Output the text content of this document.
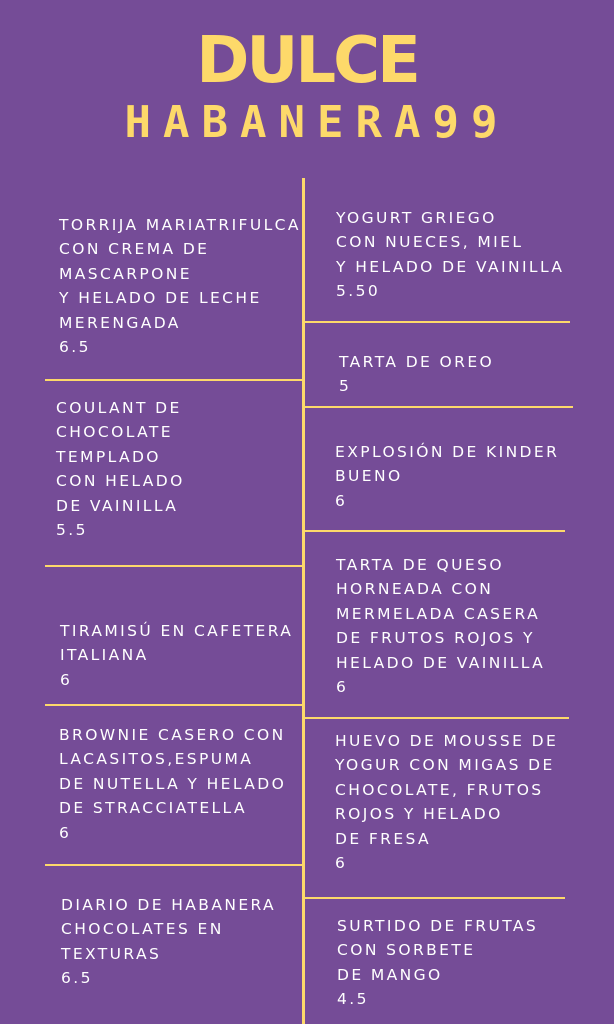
DULCE
HABANERA99
TORRIJA MARIATRIFULCA
CON CREMA DE
MASCARPONE
Y HELADO DE LECHE
MERENGADA
6.5
COULANT DE
CHOCOLATE
TEMPLADO
CON HELADO
DE VAINILLA
5.5
TIRAMISÚ EN CAFETERA
ITALIANA
6
BROWNIE CASERO CON
LACASITOS,ESPUMA
DE NUTELLA Y HELADO
DE STRACCIATELLA
6
DIARIO DE HABANERA
CHOCOLATES EN
TEXTURAS
6.5
YOGURT GRIEGO
CON NUECES, MIEL
Y HELADO DE VAINILLA
5.50
TARTA DE OREO
5
EXPLOSIÓN DE KINDER
BUENO
6
TARTA DE QUESO
HORNEADA CON
MERMELADA CASERA
DE FRUTOS ROJOS Y
HELADO DE VAINILLA
6
HUEVO DE MOUSSE DE
YOGUR CON MIGAS DE
CHOCOLATE, FRUTOS
ROJOS Y HELADO
DE FRESA
6
SURTIDO DE FRUTAS
CON SORBETE
DE MANGO
4.5
